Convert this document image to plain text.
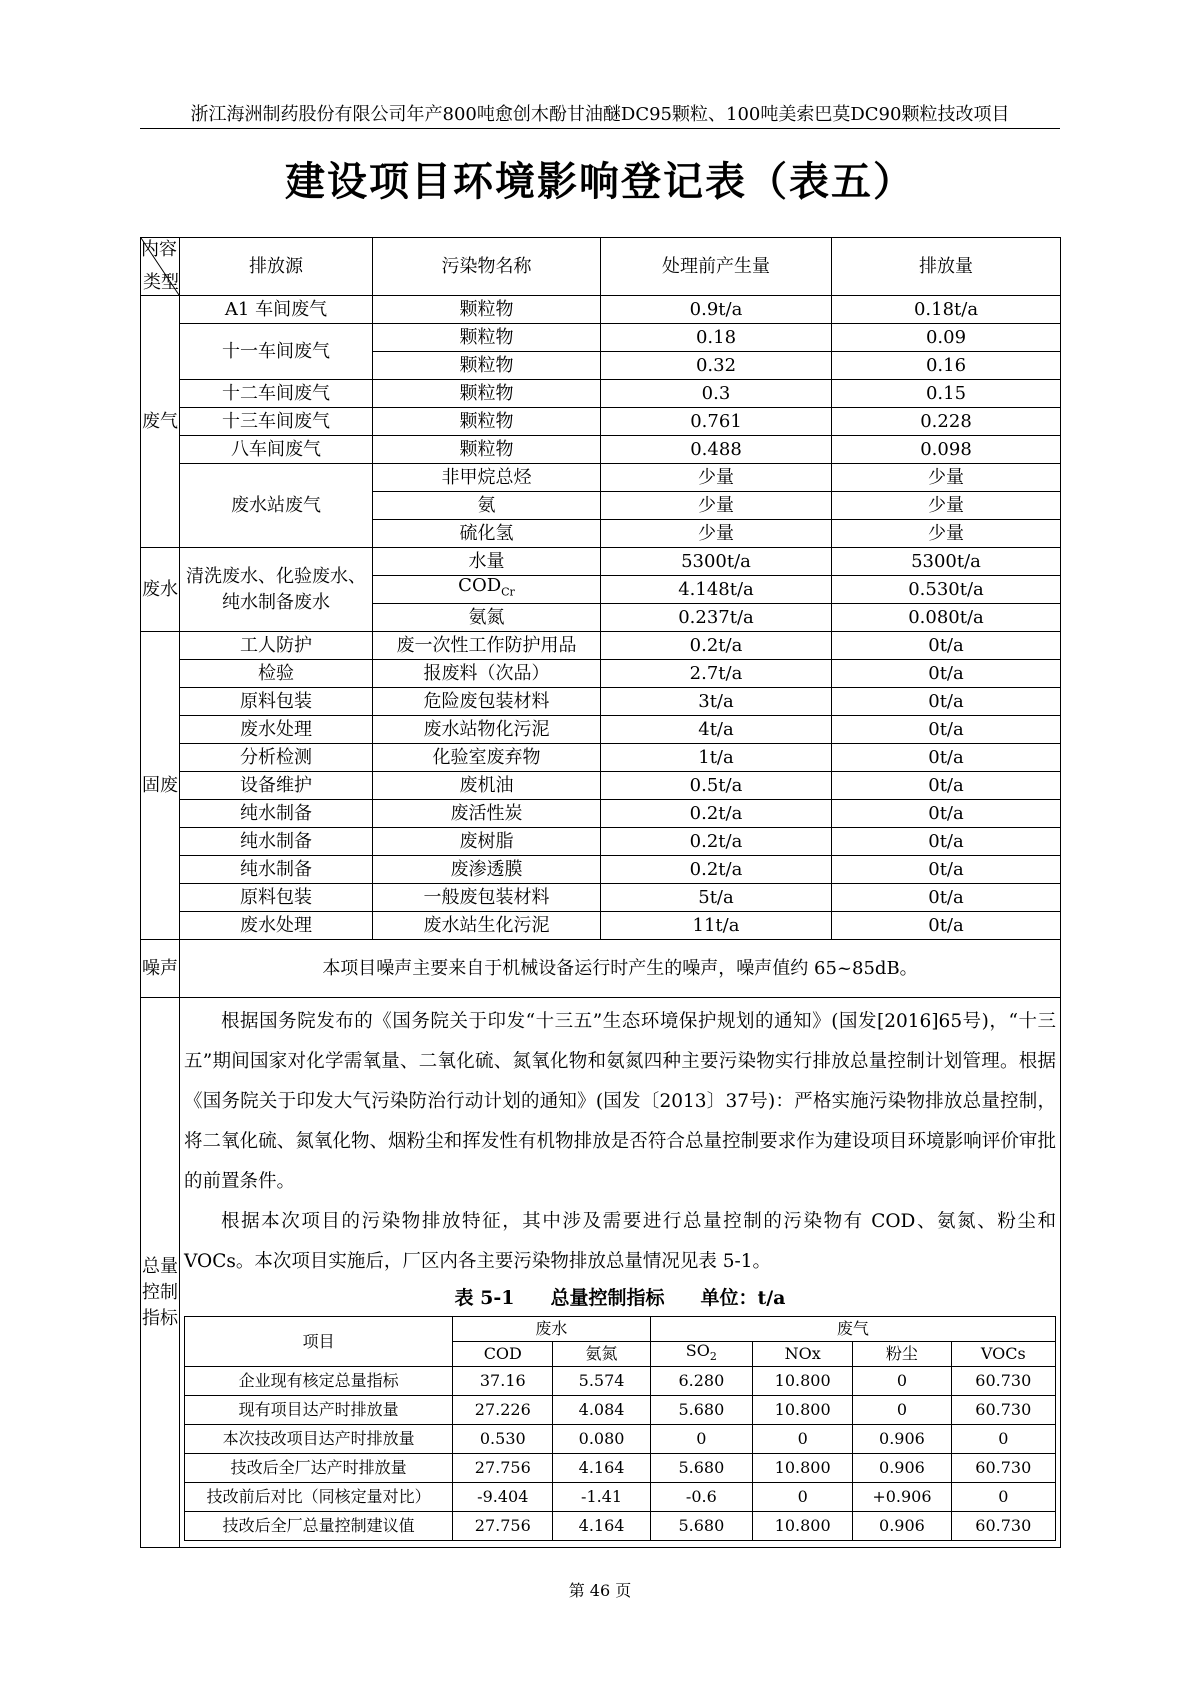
浙江海洲制药股份有限公司年产800吨愈创木酚甘油醚DC95颗粒、100吨美索巴莫DC90颗粒技改项目
建设项目环境影响登记表（表五）
内容
类型
	排放源	污染物名称	处理前产生量	排放量
废气	A1 车间废气	颗粒物	0.9t/a	0.18t/a
十一车间废气	颗粒物	0.18	0.09
颗粒物	0.32	0.16
十二车间废气	颗粒物	0.3	0.15
十三车间废气	颗粒物	0.761	0.228
八车间废气	颗粒物	0.488	0.098
废水站废气	非甲烷总烃	少量	少量
氨	少量	少量
硫化氢	少量	少量
废水	清洗废水、化验废水、纯水制备废水	水量	5300t/a	5300t/a
$COD_{Cr}$	4.148t/a	0.530t/a
氨氮	0.237t/a	0.080t/a
固废	工人防护	废一次性工作防护用品	0.2t/a	0t/a
检验	报废料（次品）	2.7t/a	0t/a
原料包装	危险废包装材料	3t/a	0t/a
废水处理	废水站物化污泥	4t/a	0t/a
分析检测	化验室废弃物	1t/a	0t/a
设备维护	废机油	0.5t/a	0t/a
纯水制备	废活性炭	0.2t/a	0t/a
纯水制备	废树脂	0.2t/a	0t/a
纯水制备	废渗透膜	0.2t/a	0t/a
原料包装	一般废包装材料	5t/a	0t/a
废水处理	废水站生化污泥	11t/a	0t/a
噪声	本项目噪声主要来自于机械设备运行时产生的噪声，噪声值约 65~85dB。
总量控制指标	

根据国务院发布的《国务院关于印发“十三五”生态环境保护规划的通知》(国发[2016]65号)，“十三五”期间国家对化学需氧量、二氧化硫、氮氧化物和氨氮四种主要污染物实行排放总量控制计划管理。根据《国务院关于印发大气污染防治行动计划的通知》(国发〔2013〕37号)：严格实施污染物排放总量控制，将二氧化硫、氮氧化物、烟粉尘和挥发性有机物排放是否符合总量控制要求作为建设项目环境影响评价审批的前置条件。

根据本次项目的污染物排放特征，其中涉及需要进行总量控制的污染物有 COD、氨氮、粉尘和 VOCs。本次项目实施后，厂区内各主要污染物排放总量情况见表 5-1。

表 5-1 总量控制指标 单位：t/a
项目	废水	废气
COD	氨氮	$SO_2$	NOx	粉尘	VOCs
企业现有核定总量指标	37.16	5.574	6.280	10.800	0	60.730
现有项目达产时排放量	27.226	4.084	5.680	10.800	0	60.730
本次技改项目达产时排放量	0.530	0.080	0	0	0.906	0
技改后全厂达产时排放量	27.756	4.164	5.680	10.800	0.906	60.730
技改前后对比（同核定量对比）	-9.404	-1.41	-0.6	0	+0.906	0
技改后全厂总量控制建议值	27.756	4.164	5.680	10.800	0.906	60.730
第 46 页
